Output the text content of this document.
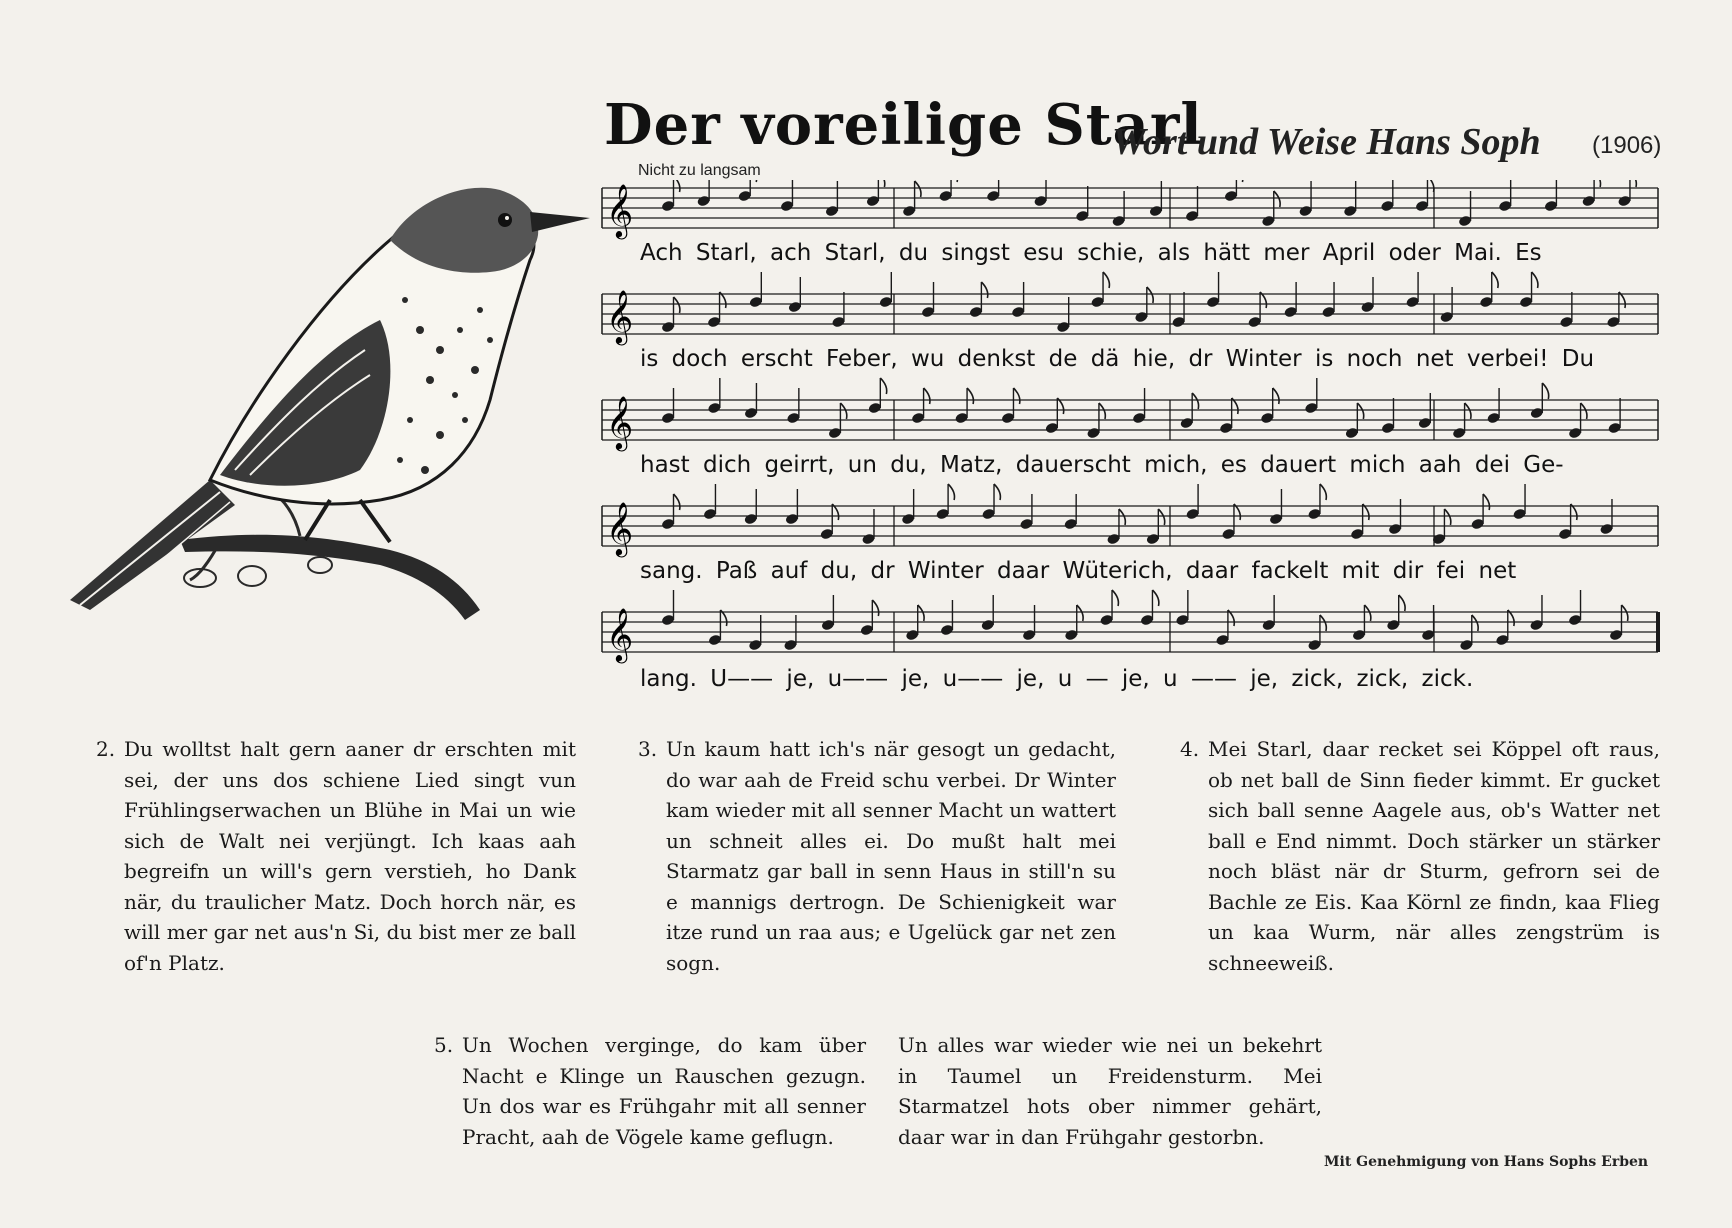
Der voreilige Starl
Wort und Weise Hans Soph (1906)
Nicht zu langsam
𝄞
𝄞
𝄞
𝄞
𝄞
Ach Starl, ach Starl, du singst esu schie, als hätt mer April oder Mai. Es
is doch erscht Feber, wu denkst de dä hie, dr Winter is noch net verbei! Du
hast dich geirrt, un du, Matz, dauerscht mich, es dauert mich aah dei Ge-
sang. Paß auf du, dr Winter daar Wüterich, daar fackelt mit dir fei net
lang. U—— je, u—— je, u—— je, u — je, u —— je, zick, zick, zick.
2. Du wolltst halt gern aaner dr erschten mit sei, der uns dos schiene Lied singt vun Frühlingserwachen un Blühe in Mai un wie sich de Walt nei verjüngt. Ich kaas aah begreifn un will's gern verstieh, ho Dank när, du traulicher Matz. Doch horch när, es will mer gar net aus'n Si, du bist mer ze ball of'n Platz.

3. Un kaum hatt ich's när gesogt un gedacht, do war aah de Freid schu verbei. Dr Winter kam wieder mit all senner Macht un wattert un schneit alles ei. Do mußt halt mei Starmatz gar ball in senn Haus in still'n su e mannigs dertrogn. De Schienigkeit war itze rund un raa aus; e Ugelück gar net zen sogn.

4. Mei Starl, daar recket sei Köppel oft raus, ob net ball de Sinn fieder kimmt. Er gucket sich ball senne Aagele aus, ob's Watter net ball e End nimmt. Doch stärker un stärker noch bläst när dr Sturm, gefrorn sei de Bachle ze Eis. Kaa Körnl ze findn, kaa Flieg un kaa Wurm, när alles zengstrüm is schneeweiß.

5. Un Wochen verginge, do kam über Nacht e Klinge un Rauschen gezugn. Un dos war es Frühgahr mit all senner Pracht, aah de Vögele kame geflugn.

Un alles war wieder wie nei un bekehrt in Taumel un Freidensturm. Mei Starmatzel hots ober nimmer gehärt, daar war in dan Frühgahr gestorbn.

Mit Genehmigung von Hans Sophs Erben
